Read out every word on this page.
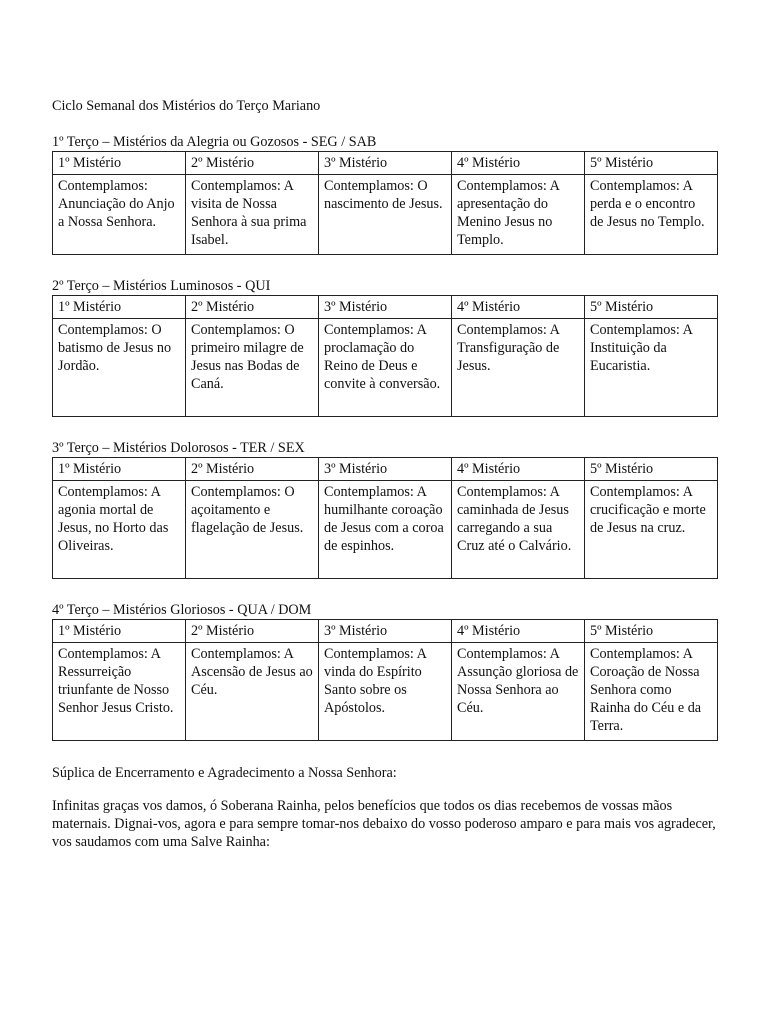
Ciclo Semanal dos Mistérios do Terço Mariano
1º Terço – Mistérios da Alegria ou Gozosos - SEG / SAB
1º Mistério	2º Mistério	3º Mistério	4º Mistério	5º Mistério
Contemplamos: Anunciação do Anjo a Nossa Senhora.	Contemplamos: A visita de Nossa Senhora à sua prima Isabel.	Contemplamos: O nascimento de Jesus.	Contemplamos: A apresentação do Menino Jesus no Templo.	Contemplamos: A perda e o encontro de Jesus no Templo.
2º Terço – Mistérios Luminosos - QUI
1º Mistério	2º Mistério	3º Mistério	4º Mistério	5º Mistério
Contemplamos: O batismo de Jesus no Jordão.	Contemplamos: O primeiro milagre de Jesus nas Bodas de Caná.	Contemplamos: A proclamação do Reino de Deus e convite à conversão.	Contemplamos: A Transfiguração de Jesus.	Contemplamos: A Instituição da Eucaristia.
3º Terço – Mistérios Dolorosos - TER / SEX
1º Mistério	2º Mistério	3º Mistério	4º Mistério	5º Mistério
Contemplamos: A agonia mortal de Jesus, no Horto das Oliveiras.	Contemplamos: O açoitamento e flagelação de Jesus.	Contemplamos: A humilhante coroação de Jesus com a coroa de espinhos.	Contemplamos: A caminhada de Jesus carregando a sua Cruz até o Calvário.	Contemplamos: A crucificação e morte de Jesus na cruz.
4º Terço – Mistérios Gloriosos - QUA / DOM
1º Mistério	2º Mistério	3º Mistério	4º Mistério	5º Mistério
Contemplamos: A Ressurreição triunfante de Nosso Senhor Jesus Cristo.	Contemplamos: A Ascensão de Jesus ao Céu.	Contemplamos: A vinda do Espírito Santo sobre os Apóstolos.	Contemplamos: A Assunção gloriosa de Nossa Senhora ao Céu.	Contemplamos: A Coroação de Nossa Senhora como Rainha do Céu e da Terra.
Súplica de Encerramento e Agradecimento a Nossa Senhora:
Infinitas graças vos damos, ó Soberana Rainha, pelos benefícios que todos os dias recebemos de vossas mãos maternais. Dignai-vos, agora e para sempre tomar-nos debaixo do vosso poderoso amparo e para mais vos agradecer, vos saudamos com uma Salve Rainha:
